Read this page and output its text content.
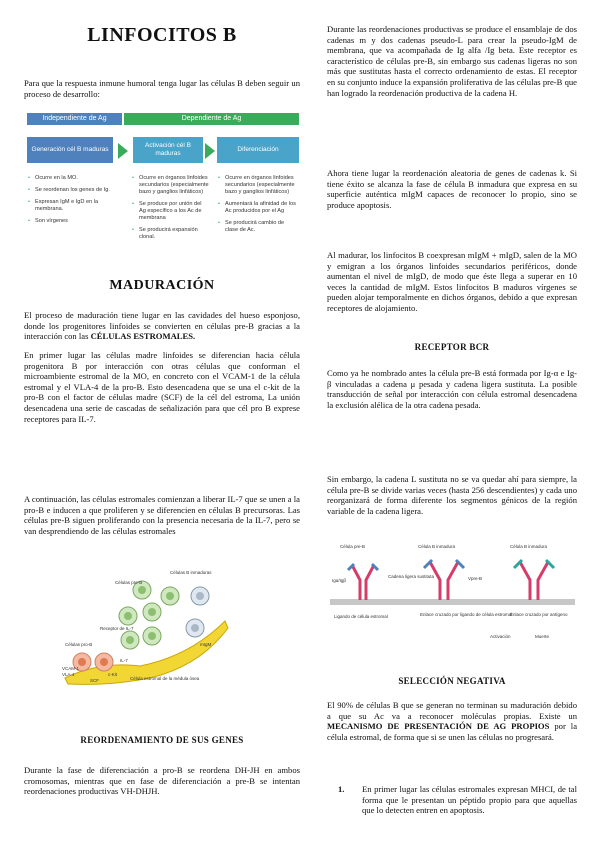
LINFOCITOS B

Para que la respuesta inmune humoral tenga lugar las células B deben seguir un proceso de desarrollo:

Independiente de Ag	Dependiente de Ag
Generación cél B maduras
Activación cél B maduras
Diferenciación
• Ocurre en la MO.
• Se reordenan los genes de Ig.
• Expresan IgM e IgD en la membrana.
• Son vírgenes
• Ocurre en órganos linfoides secundarios (especialmente bazo y ganglios linfáticos)
• Se produce por unión del Ag específico a los Ac de membrana
• Se producirá expansión clonal.
• Ocurre en órganos linfoides secundarios (especialmente bazo y ganglios linfáticos)
• Aumentará la afinidad de los Ac producidos por el Ag
• Se producirá cambio de clase de Ac.
MADURACIÓN

El proceso de maduración tiene lugar en las cavidades del hueso esponjoso, donde los progenitores linfoides se convierten en células pre-B gracias a la interacción con las CÉLULAS ESTROMALES.

En primer lugar las células madre linfoides se diferencian hacia célula progenitora B por interacción con otras células que conforman el microambiente estromal de la MO, en concreto con el VCAM-1 de la célula estromal y el VLA-4 de la pro-B. Esto desencadena que se una el c-kit de la pro-B con el factor de células madre (SCF) de la cél del estroma, La unión desencadena una serie de cascadas de señalización para que cél pro B exprese receptores para IL-7.

A continuación, las células estromales comienzan a liberar IL-7 que se unen a la pro-B e inducen a que proliferen y se diferencien en células B precursoras. Las células pre-B siguen proliferando con la presencia necesaria de la IL-7, pero se van desprendiendo de las células estromales

Células B inmaduras
Células pre-B
Células pro-B
Receptor de IL-7
VCAM-1
VLA-4
IL-7
c-Kit
SCF
mIgM
Célula estromal de la médula ósea
REORDENAMIENTO DE SUS GENES

Durante la fase de diferenciación a pro-B se reordena DH-JH en ambos cromosomas, mientras que en fase de diferenciación a pre-B se intentan reordenaciones productivas VH-DHJH.

Durante las reordenaciones productivas se produce el ensamblaje de dos cadenas m y dos cadenas pseudo-L para crear la pseudo-IgM de membrana, que va acompañada de Ig alfa /Ig beta. Este receptor es característico de células pre-B, sin embargo sus cadenas ligeras no son más que sustitutas hasta el correcto ordenamiento de estas. El receptor en su conjunto induce la expansión proliferativa de las células pre-B que han logrado la reordenación productiva de la cadena H.

Ahora tiene lugar la reordenación aleatoria de genes de cadenas k. Si tiene éxito se alcanza la fase de célula B inmadura que expresa en su superficie auténtica mIgM capaces de reconocer lo propio, sino se produce apoptosis.

Al madurar, los linfocitos B coexpresan mIgM + mIgD, salen de la MO y emigran a los órganos linfoides secundarios periféricos, donde aumentan el nivel de mIgD, de modo que éste llega a superar en 10 veces la cantidad de mIgM. Estos linfocitos B maduros vírgenes se pueden alojar temporalmente en dichos órganos, debido a que expresan receptores de alojamiento.

RECEPTOR BCR

Como ya he nombrado antes la célula pre-B está formada por Ig-α e Ig-β vinculadas a cadena μ pesada y cadena ligera sustituta. La posible transducción de señal por interacción con célula estromal desencadena la exclusión alélica de la otra cadena pesada.

Sin embargo, la cadena L sustituta no se va quedar ahí para siempre, la célula pre-B se divide varias veces (hasta 256 descendientes) y cada uno reorganizará de forma diferente los segmentos génicos de la región variable de la cadena ligera.

Célula pre-B	Célula B inmadura	Célula B inmadura
Igα/Igβ
Cadena ligera sustituta	Vpre-B
Ligando de célula estromal
Activación	Muerte
Enlace cruzado por ligando de célula estromal
Enlace cruzado por antígeno
SELECCIÓN NEGATIVA

El 90% de células B que se generan no terminan su maduración debido a que su Ac va a reconocer moléculas propias. Existe un MECANISMO DE PRESENTACIÓN DE AG PROPIOS por la célula estromal, de forma que si se unen las células no progresará.

1. En primer lugar las células estromales expresan MHCI, de tal forma que le presentan un péptido propio para que aquellas que lo detecten entren en apoptosis.
